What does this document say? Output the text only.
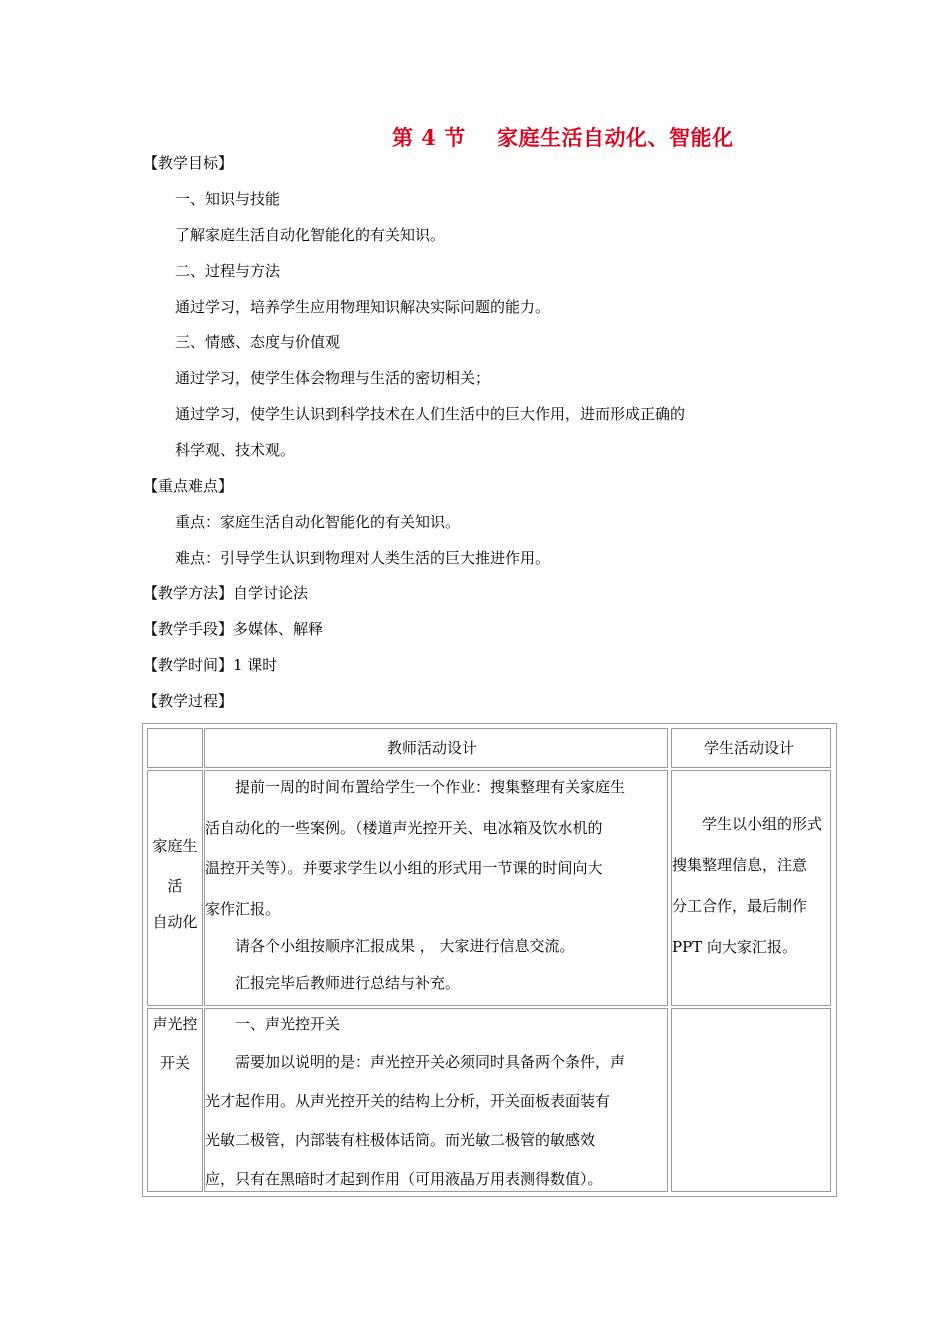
第 4 节    家庭生活自动化、智能化
【教学目标】
一、知识与技能
了解家庭生活自动化智能化的有关知识。
二、过程与方法
通过学习，培养学生应用物理知识解决实际问题的能力。
三、情感、态度与价值观
通过学习，使学生体会物理与生活的密切相关；
通过学习，使学生认识到科学技术在人们生活中的巨大作用，进而形成正确的
科学观、技术观。
【重点难点】
重点：家庭生活自动化智能化的有关知识。
难点：引导学生认识到物理对人类生活的巨大推进作用。
【教学方法】自学讨论法
【教学手段】多媒体、解释
【教学时间】1 课时
【教学过程】
教师活动设计	学生活动设计
家庭生
活
自动化
提前一周的时间布置给学生一个作业：搜集整理有关家庭生
活自动化的一些案例。（楼道声光控开关、电冰箱及饮水机的
温控开关等）。并要求学生以小组的形式用一节课的时间向大
家作汇报。
请各个小组按顺序汇报成果 ， 大家进行信息交流。
汇报完毕后教师进行总结与补充。
学生以小组的形式
搜集整理信息，注意
分工合作，最后制作
PPT 向大家汇报。
声光控
开关
一、声光控开关
需要加以说明的是：声光控开关必须同时具备两个条件，声
光才起作用。从声光控开关的结构上分析，开关面板表面装有
光敏二极管，内部装有柱极体话筒。而光敏二极管的敏感效
应，只有在黑暗时才起到作用（可用液晶万用表测得数值）。
